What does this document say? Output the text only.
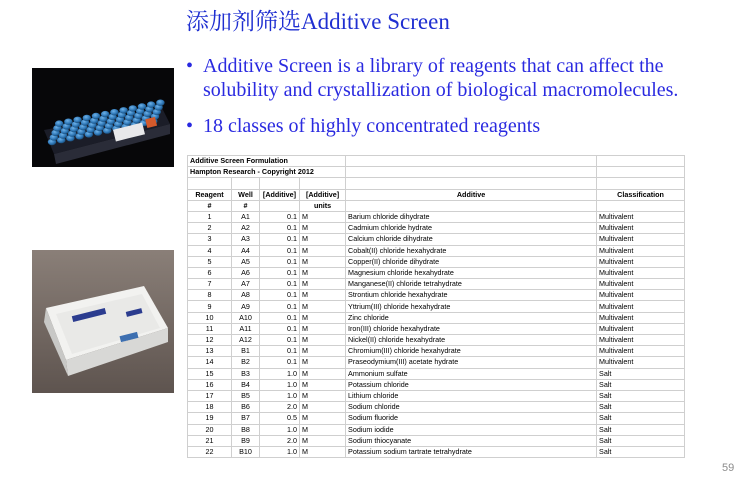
添加剂筛选Additive Screen
• Additive Screen is a library of reagents that can affect the solubility and crystallization of biological macromolecules.
• 18 classes of highly concentrated reagents
Additive Screen Formulation					
Hampton Research - Copyright 2012					

Reagent	Well	[Additive]	[Additive]	Additive	Classification
#	#		units		
1	A1	0.1	M	Barium chloride dihydrate	Multivalent
2	A2	0.1	M	Cadmium chloride hydrate	Multivalent
3	A3	0.1	M	Calcium chloride dihydrate	Multivalent
4	A4	0.1	M	Cobalt(II) chloride hexahydrate	Multivalent
5	A5	0.1	M	Copper(II) chloride dihydrate	Multivalent
6	A6	0.1	M	Magnesium chloride hexahydrate	Multivalent
7	A7	0.1	M	Manganese(II) chloride tetrahydrate	Multivalent
8	A8	0.1	M	Strontium chloride hexahydrate	Multivalent
9	A9	0.1	M	Yttrium(III) chloride hexahydrate	Multivalent
10	A10	0.1	M	Zinc chloride	Multivalent
11	A11	0.1	M	Iron(III) chloride hexahydrate	Multivalent
12	A12	0.1	M	Nickel(II) chloride hexahydrate	Multivalent
13	B1	0.1	M	Chromium(III) chloride hexahydrate	Multivalent
14	B2	0.1	M	Praseodymium(III) acetate hydrate	Multivalent
15	B3	1.0	M	Ammonium sulfate	Salt
16	B4	1.0	M	Potassium chloride	Salt
17	B5	1.0	M	Lithium chloride	Salt
18	B6	2.0	M	Sodium chloride	Salt
19	B7	0.5	M	Sodium fluoride	Salt
20	B8	1.0	M	Sodium iodide	Salt
21	B9	2.0	M	Sodium thiocyanate	Salt
22	B10	1.0	M	Potassium sodium tartrate tetrahydrate	Salt
59
